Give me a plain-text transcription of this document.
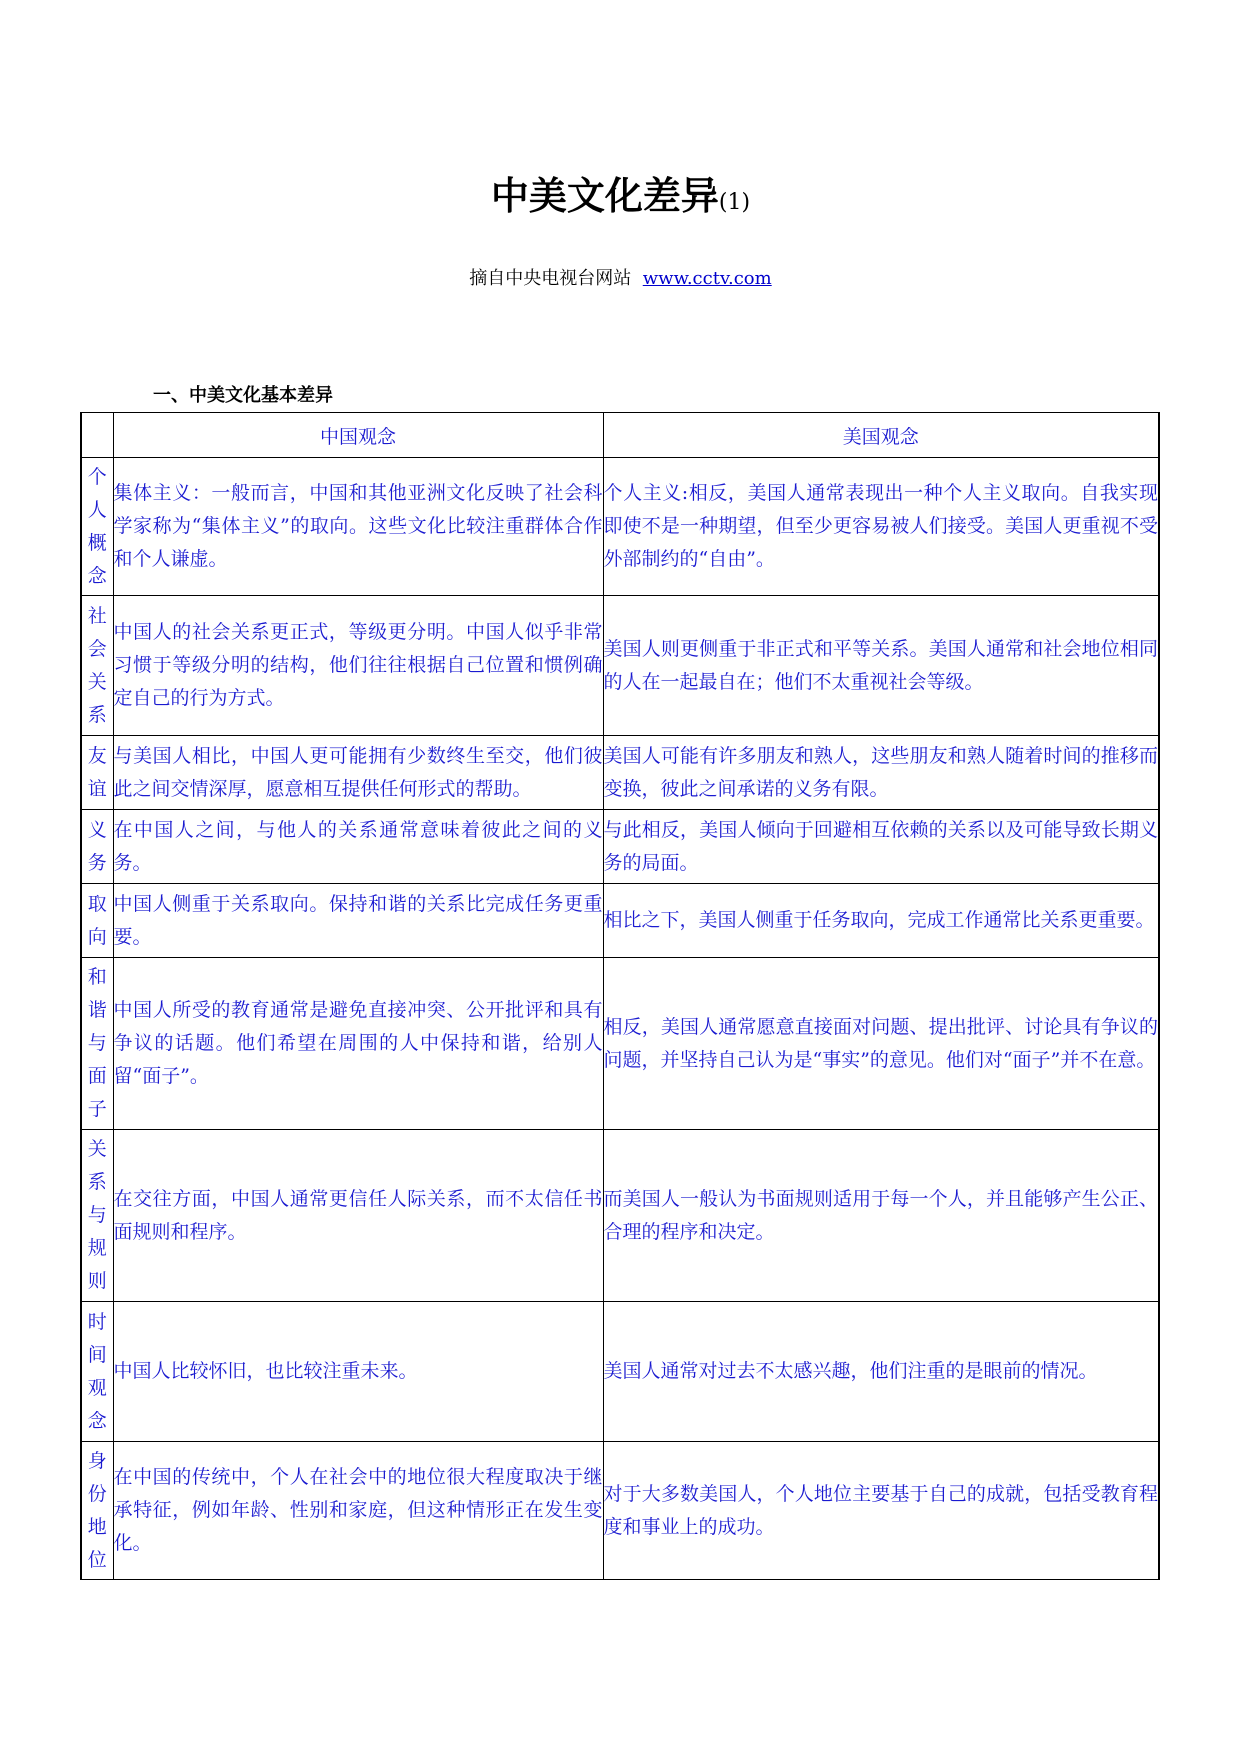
中美文化差异(1)
摘自中央电视台网站 www.cctv.com
一、中美文化基本差异
	中国观念	美国观念

个
人
概
念	集体主义：一般而言，中国和其他亚洲文化反映了社会科学家称为“集体主义”的取向。这些文化比较注重群体合作和个人谦虚。	个人主义:相反，美国人通常表现出一种个人主义取向。自我实现即使不是一种期望，但至少更容易被人们接受。美国人更重视不受外部制约的“自由”。

社
会
关
系	中国人的社会关系更正式，等级更分明。中国人似乎非常习惯于等级分明的结构，他们往往根据自己位置和惯例确定自己的行为方式。	美国人则更侧重于非正式和平等关系。美国人通常和社会地位相同的人在一起最自在；他们不太重视社会等级。

友
谊	与美国人相比，中国人更可能拥有少数终生至交，他们彼此之间交情深厚，愿意相互提供任何形式的帮助。	美国人可能有许多朋友和熟人，这些朋友和熟人随着时间的推移而变换，彼此之间承诺的义务有限。

义
务	在中国人之间，与他人的关系通常意味着彼此之间的义务。	与此相反，美国人倾向于回避相互依赖的关系以及可能导致长期义务的局面。

取
向	中国人侧重于关系取向。保持和谐的关系比完成任务更重要。	相比之下，美国人侧重于任务取向，完成工作通常比关系更重要。

和
谐
与
面
子	中国人所受的教育通常是避免直接冲突、公开批评和具有争议的话题。他们希望在周围的人中保持和谐，给别人留“面子”。	相反，美国人通常愿意直接面对问题、提出批评、讨论具有争议的问题，并坚持自己认为是“事实”的意见。他们对“面子”并不在意。

关
系
与
规
则	在交往方面，中国人通常更信任人际关系，而不太信任书面规则和程序。	而美国人一般认为书面规则适用于每一个人，并且能够产生公正、合理的程序和决定。

时
间
观
念	中国人比较怀旧，也比较注重未来。	美国人通常对过去不太感兴趣，他们注重的是眼前的情况。

身
份
地
位	在中国的传统中，个人在社会中的地位很大程度取决于继承特征，例如年龄、性别和家庭，但这种情形正在发生变化。	对于大多数美国人，个人地位主要基于自己的成就，包括受教育程度和事业上的成功。
